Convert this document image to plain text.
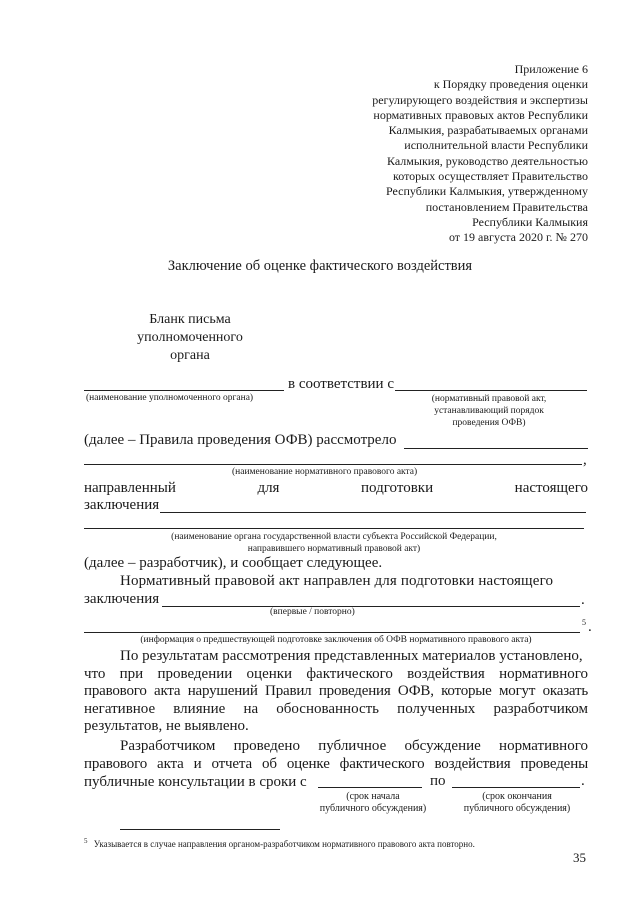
Приложение 6
к Порядку проведения оценки
регулирующего воздействия и экспертизы
нормативных правовых актов Республики
Калмыкия, разрабатываемых органами
исполнительной власти Республики
Калмыкия, руководство деятельностью
которых осуществляет Правительство
Республики Калмыкия, утвержденному
постановлением Правительства
Республики Калмыкия
от 19 августа 2020 г. № 270
Заключение об оценке фактического воздействия
Бланк письма
уполномоченного
органа
в соответствии с
(наименование уполномоченного органа)	(нормативный правовой акт,
устанавливающий порядок
проведения ОФВ)
(далее – Правила проведения ОФВ) рассмотрело
,
(наименование нормативного правового акта)
направленный	для	подготовки	настоящего
заключения
(наименование органа государственной власти субъекта Российской Федерации,
направившего нормативный правовой акт)
(далее – разработчик), и сообщает следующее.
Нормативный правовой акт направлен для подготовки настоящего
заключения	.
(впервые / повторно)
5 .
(информация о предшествующей подготовке заключения об ОФВ нормативного правового акта)
По результатам рассмотрения представленных материалов установлено,
что при проведении оценки фактического воздействия нормативного
правового акта нарушений Правил проведения ОФВ, которые могут оказать
негативное влияние на обоснованность полученных разработчиком
результатов, не выявлено.
Разработчиком проведено публичное обсуждение нормативного
правового акта и отчета об оценке фактического воздействия проведены
публичные консультации в сроки с	по	.
(срок начала
публичного обсуждения)
(срок окончания
публичного обсуждения)
$^5$ Указывается в случае направления органом-разработчиком нормативного правового акта повторно.
35
